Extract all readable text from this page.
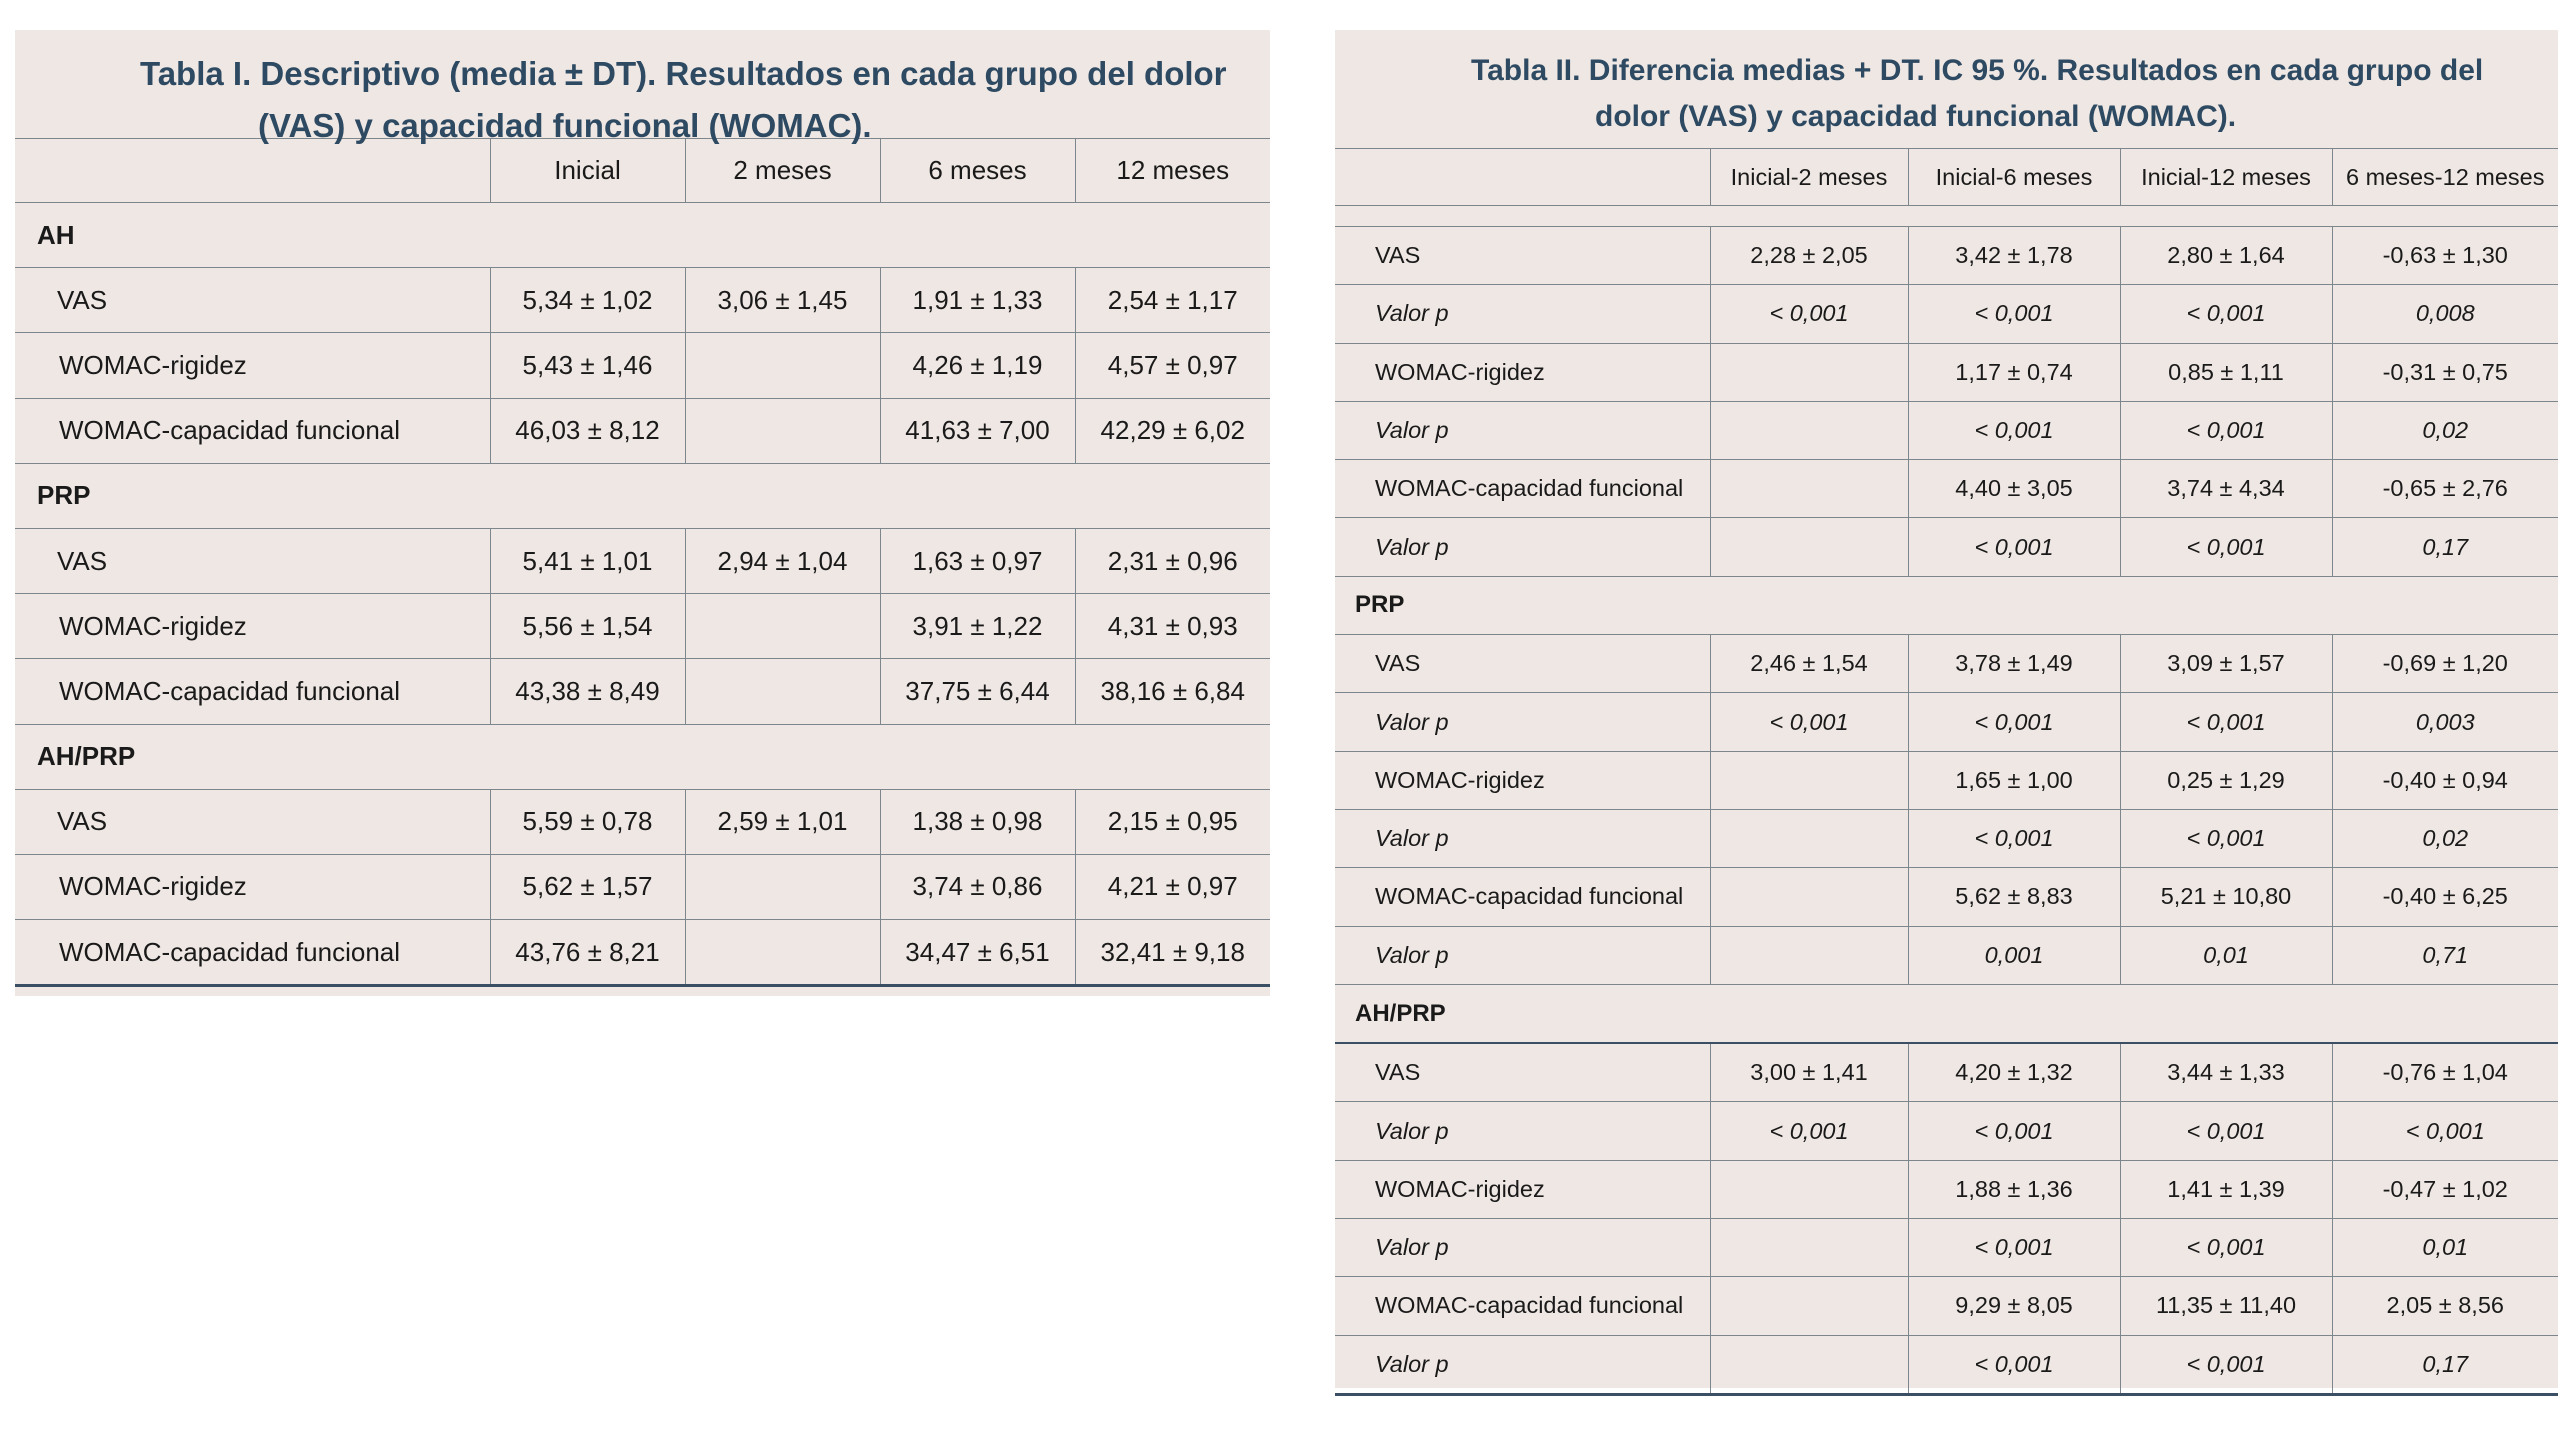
Tabla I. Descriptivo (media ± DT). Resultados en cada grupo del dolor (VAS) y capacidad funcional (WOMAC).
	Inicial	2 meses	6 meses	12 meses
AH				
VAS	5,34 ± 1,02	3,06 ± 1,45	1,91 ± 1,33	2,54 ± 1,17
WOMAC-rigidez	5,43 ± 1,46		4,26 ± 1,19	4,57 ± 0,97
WOMAC-capacidad funcional	46,03 ± 8,12		41,63 ± 7,00	42,29 ± 6,02
PRP				
VAS	5,41 ± 1,01	2,94 ± 1,04	1,63 ± 0,97	2,31 ± 0,96
WOMAC-rigidez	5,56 ± 1,54		3,91 ± 1,22	4,31 ± 0,93
WOMAC-capacidad funcional	43,38 ± 8,49		37,75 ± 6,44	38,16 ± 6,84
AH/PRP				
VAS	5,59 ± 0,78	2,59 ± 1,01	1,38 ± 0,98	2,15 ± 0,95
WOMAC-rigidez	5,62 ± 1,57		3,74 ± 0,86	4,21 ± 0,97
WOMAC-capacidad funcional	43,76 ± 8,21		34,47 ± 6,51	32,41 ± 9,18
Tabla II. Diferencia medias + DT. IC 95 %. Resultados en cada grupo del dolor (VAS) y capacidad funcional (WOMAC).
	Inicial-2 meses	Inicial-6 meses	Inicial-12 meses	6 meses-12 meses

VAS	2,28 ± 2,05	3,42 ± 1,78	2,80 ± 1,64	-0,63 ± 1,30
Valor p	< 0,001	< 0,001	< 0,001	0,008
WOMAC-rigidez		1,17 ± 0,74	0,85 ± 1,11	-0,31 ± 0,75
Valor p		< 0,001	< 0,001	0,02
WOMAC-capacidad funcional		4,40 ± 3,05	3,74 ± 4,34	-0,65 ± 2,76
Valor p		< 0,001	< 0,001	0,17
PRP				
VAS	2,46 ± 1,54	3,78 ± 1,49	3,09 ± 1,57	-0,69 ± 1,20
Valor p	< 0,001	< 0,001	< 0,001	0,003
WOMAC-rigidez		1,65 ± 1,00	0,25 ± 1,29	-0,40 ± 0,94
Valor p		< 0,001	< 0,001	0,02
WOMAC-capacidad funcional		5,62 ± 8,83	5,21 ± 10,80	-0,40 ± 6,25
Valor p		0,001	0,01	0,71
AH/PRP				
VAS	3,00 ± 1,41	4,20 ± 1,32	3,44 ± 1,33	-0,76 ± 1,04
Valor p	< 0,001	< 0,001	< 0,001	< 0,001
WOMAC-rigidez		1,88 ± 1,36	1,41 ± 1,39	-0,47 ± 1,02
Valor p		< 0,001	< 0,001	0,01
WOMAC-capacidad funcional		9,29 ± 8,05	11,35 ± 11,40	2,05 ± 8,56
Valor p		< 0,001	< 0,001	0,17
